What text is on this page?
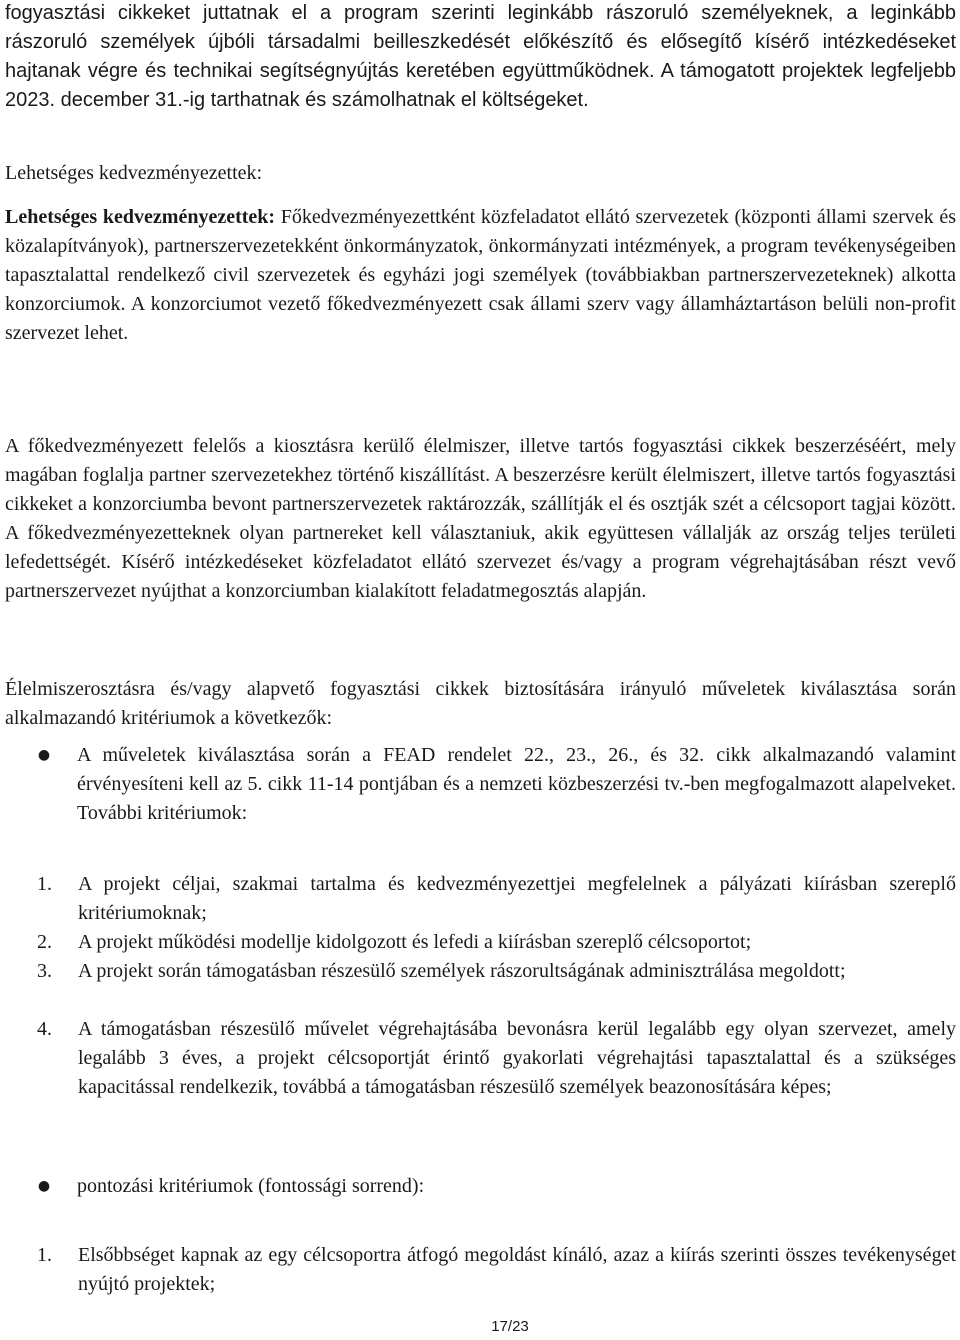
fogyasztási cikkeket juttatnak el a program szerinti leginkább rászoruló személyeknek, a leginkább rászoruló személyek újbóli társadalmi beilleszkedését előkészítő és elősegítő kísérő intézkedéseket hajtanak végre és technikai segítségnyújtás keretében együttműködnek. A támogatott projektek legfeljebb 2023. december 31.-ig tarthatnak és számolhatnak el költségeket.

Lehetséges kedvezményezettek:

Lehetséges kedvezményezettek: Főkedvezményezettként közfeladatot ellátó szervezetek (központi állami szervek és közalapítványok), partnerszervezetekként önkormányzatok, önkormányzati intézmények, a program tevékenységeiben tapasztalattal rendelkező civil szervezetek és egyházi jogi személyek (továbbiakban partnerszervezeteknek) alkotta konzorciumok. A konzorciumot vezető főkedvezményezett csak állami szerv vagy államháztartáson belüli non-profit szervezet lehet.

A főkedvezményezett felelős a kiosztásra kerülő élelmiszer, illetve tartós fogyasztási cikkek beszerzéséért, mely magában foglalja partner szervezetekhez történő kiszállítást. A beszerzésre került élelmiszert, illetve tartós fogyasztási cikkeket a konzorciumba bevont partnerszervezetek raktározzák, szállítják el és osztják szét a célcsoport tagjai között. A főkedvezményezetteknek olyan partnereket kell választaniuk, akik együttesen vállalják az ország teljes területi lefedettségét. Kísérő intézkedéseket közfeladatot ellátó szervezet és/vagy a program végrehajtásában részt vevő partnerszervezet nyújthat a konzorciumban kialakított feladatmegosztás alapján.

Élelmiszerosztásra és/vagy alapvető fogyasztási cikkek biztosítására irányuló műveletek kiválasztása során alkalmazandó kritériumok a következők:

● A műveletek kiválasztása során a FEAD rendelet 22., 23., 26., és 32. cikk alkalmazandó valamint érvényesíteni kell az 5. cikk 11-14 pontjában és a nemzeti közbeszerzési tv.-ben megfogalmazott alapelveket. További kritériumok:

1.	A projekt céljai, szakmai tartalma és kedvezményezettjei megfelelnek a pályázati kiírásban szereplő kritériumoknak;

2.	A projekt működési modellje kidolgozott és lefedi a kiírásban szereplő célcsoportot;

3.	A projekt során támogatásban részesülő személyek rászorultságának adminisztrálása megoldott;

4.	A támogatásban részesülő művelet végrehajtásába bevonásra kerül legalább egy olyan szervezet, amely legalább 3 éves, a projekt célcsoportját érintő gyakorlati végrehajtási tapasztalattal és a szükséges kapacitással rendelkezik, továbbá a támogatásban részesülő személyek beazonosítására képes;

● pontozási kritériumok (fontossági sorrend):

1.	Elsőbbséget kapnak az egy célcsoportra átfogó megoldást kínáló, azaz a kiírás szerinti összes tevékenységet nyújtó projektek;

17/23
